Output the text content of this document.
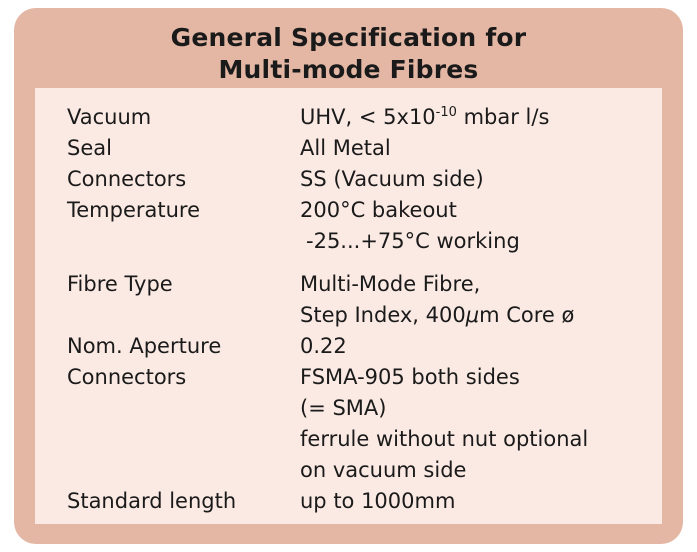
General Specification for
Multi-mode Fibres
Vacuum	UHV, < $5x10^{-10}$ mbar l/s
Seal	All Metal
Connectors	SS (Vacuum side)
Temperature	200°C bakeout
-25...+75°C working
Fibre Type	Multi-Mode Fibre,
Step Index, 400μm Core ø
Nom. Aperture	0.22
Connectors	FSMA-905 both sides
(= SMA)
ferrule without nut optional
on vacuum side
Standard length	up to 1000mm
